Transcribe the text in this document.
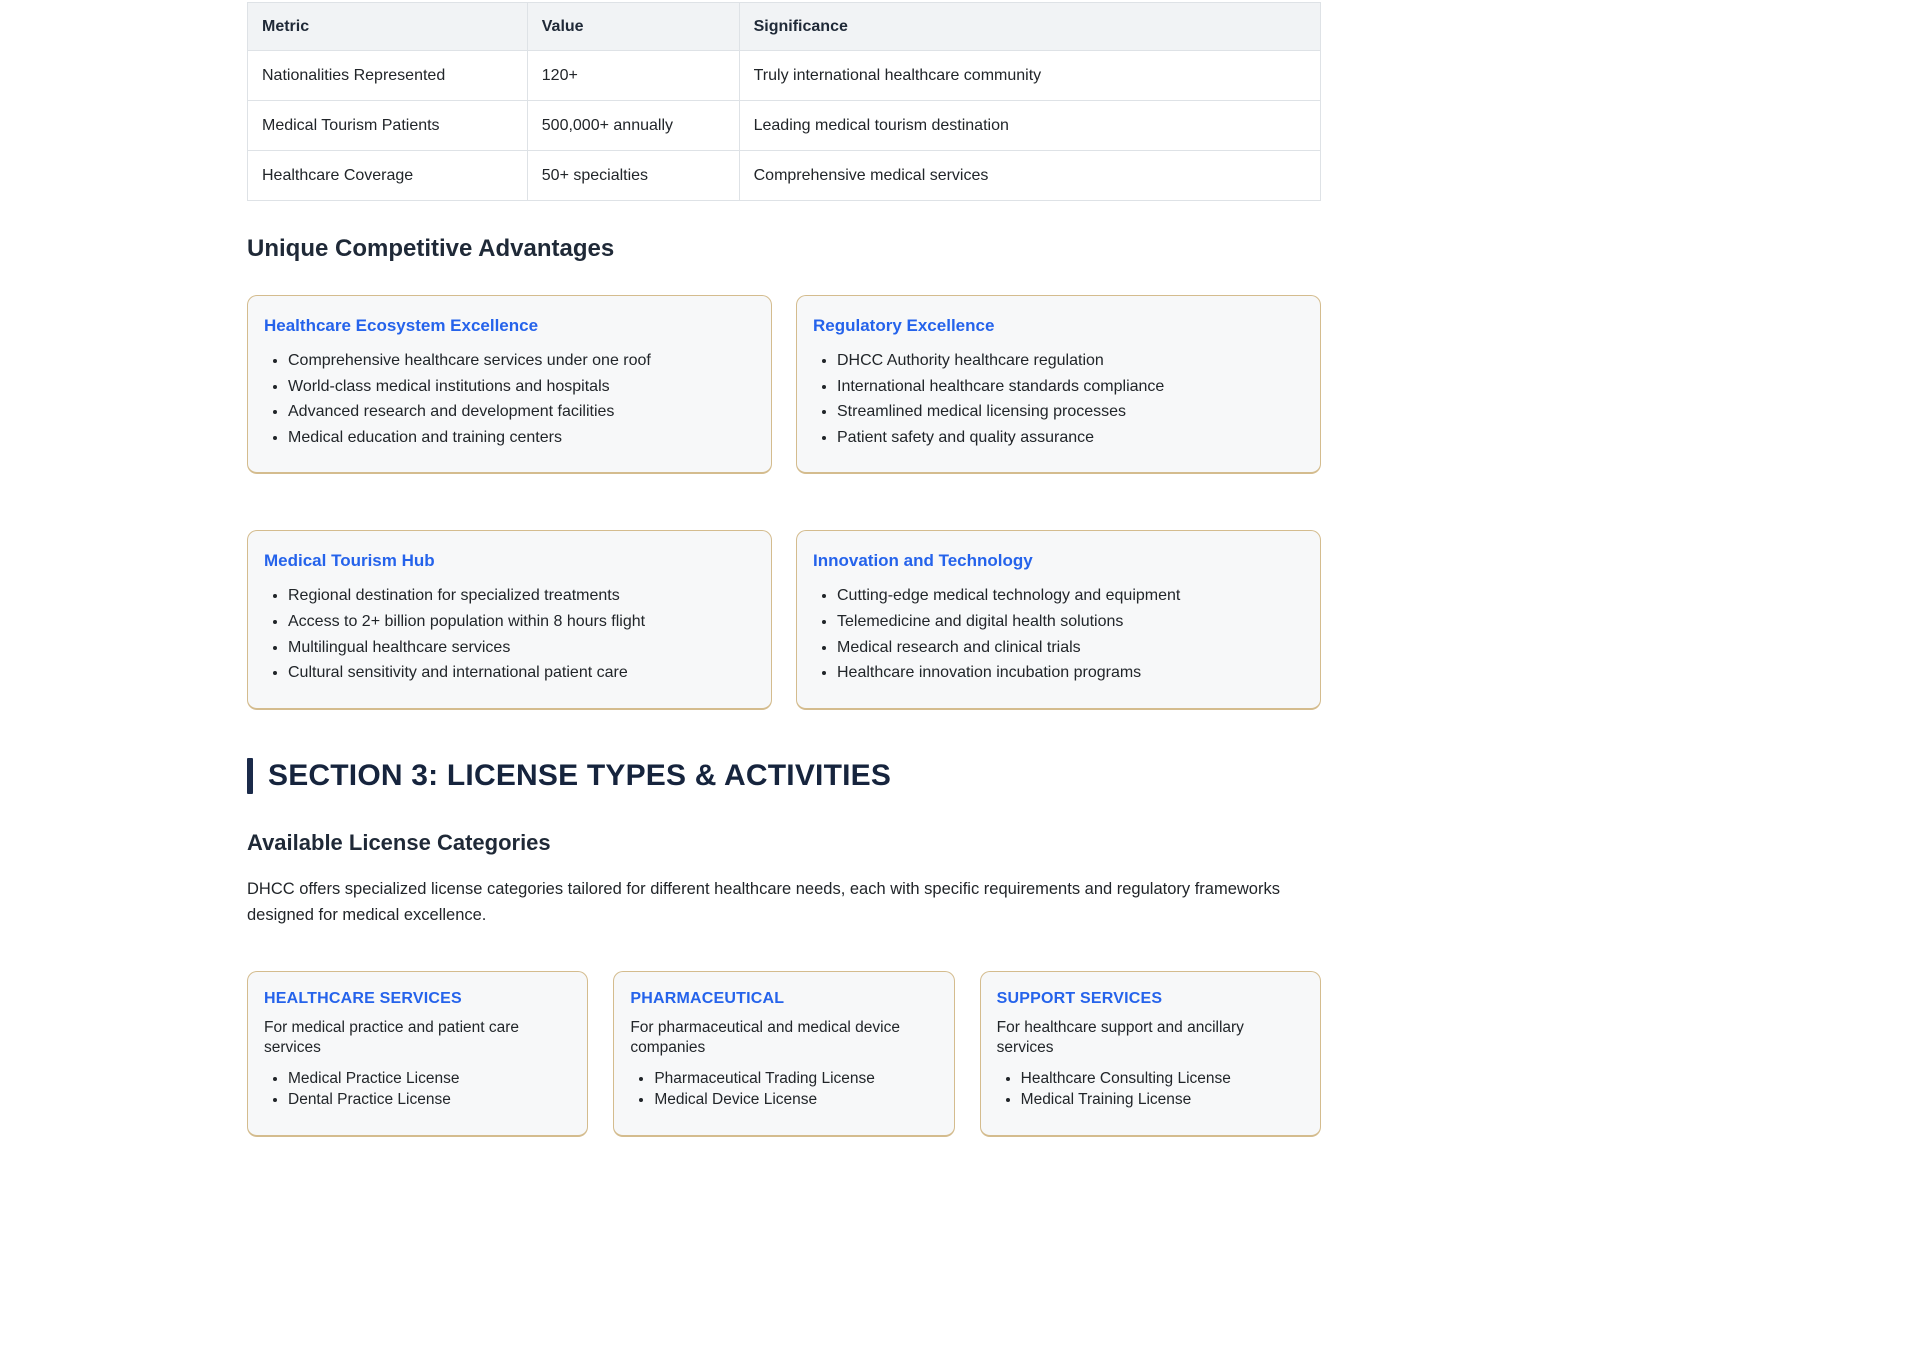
Metric	Value	Significance
Nationalities Represented	120+	Truly international healthcare community
Medical Tourism Patients	500,000+ annually	Leading medical tourism destination
Healthcare Coverage	50+ specialties	Comprehensive medical services
Unique Competitive Advantages
Healthcare Ecosystem Excellence
• Comprehensive healthcare services under one roof
• World-class medical institutions and hospitals
• Advanced research and development facilities
• Medical education and training centers
Regulatory Excellence
• DHCC Authority healthcare regulation
• International healthcare standards compliance
• Streamlined medical licensing processes
• Patient safety and quality assurance
Medical Tourism Hub
• Regional destination for specialized treatments
• Access to 2+ billion population within 8 hours flight
• Multilingual healthcare services
• Cultural sensitivity and international patient care
Innovation and Technology
• Cutting-edge medical technology and equipment
• Telemedicine and digital health solutions
• Medical research and clinical trials
• Healthcare innovation incubation programs
SECTION 3: LICENSE TYPES & ACTIVITIES
Available License Categories

DHCC offers specialized license categories tailored for different healthcare needs, each with specific requirements and regulatory frameworks designed for medical excellence.

HEALTHCARE SERVICES
For medical practice and patient care services
• Medical Practice License
• Dental Practice License
PHARMACEUTICAL
For pharmaceutical and medical device companies
• Pharmaceutical Trading License
• Medical Device License
SUPPORT SERVICES
For healthcare support and ancillary services
• Healthcare Consulting License
• Medical Training License
